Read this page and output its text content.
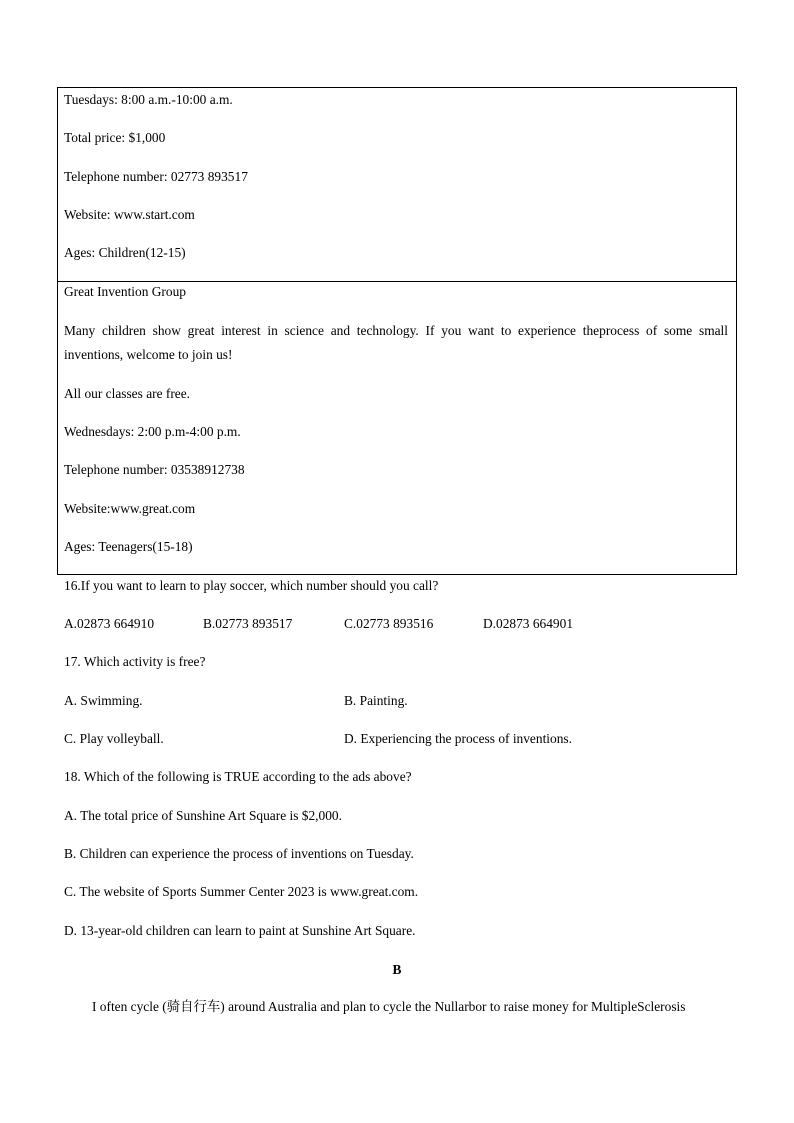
Tuesdays: 8:00 a.m.-10:00 a.m.
Total price: $1,000
Telephone number: 02773 893517
Website: www.start.com
Ages: Children(12-15)
Great Invention Group
Many children show great interest in science and technology. If you want to experience theprocess of some small inventions, welcome to join us!
All our classes are free.
Wednesdays: 2:00 p.m-4:00 p.m.
Telephone number: 03538912738
Website:www.great.com
Ages: Teenagers(15-18)
16.If you want to learn to play soccer, which number should you call?
A.02873 664910	B.02773 893517	C.02773 893516	D.02873 664901
17. Which activity is free?
A. Swimming.	B. Painting.
C. Play volleyball.	D. Experiencing the process of inventions.
18. Which of the following is TRUE according to the ads above?
A. The total price of Sunshine Art Square is $2,000.
B. Children can experience the process of inventions on Tuesday.
C. The website of Sports Summer Center 2023 is www.great.com.
D. 13-year-old children can learn to paint at Sunshine Art Square.
B
I often cycle (骑自行车) around Australia and plan to cycle the Nullarbor to raise money for MultipleSclerosis
